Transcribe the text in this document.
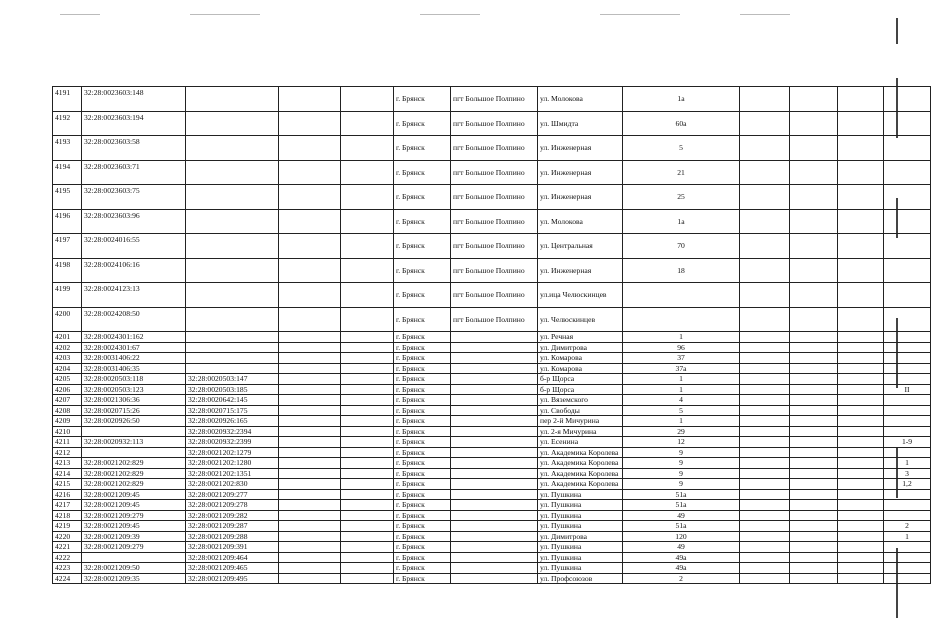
4191	32:28:0023603:148				г. Брянск	пгт Большое Полпино	ул. Молокова	1а				
4192	32:28:0023603:194				г. Брянск	пгт Большое Полпино	ул. Шмидта	60а				
4193	32:28:0023603:58				г. Брянск	пгт Большое Полпино	ул. Инженерная	5				
4194	32:28:0023603:71				г. Брянск	пгт Большое Полпино	ул. Инженерная	21				
4195	32:28:0023603:75				г. Брянск	пгт Большое Полпино	ул. Инженерная	25				
4196	32:28:0023603:96				г. Брянск	пгт Большое Полпино	ул. Молокова	1а				
4197	32:28:0024016:55				г. Брянск	пгт Большое Полпино	ул. Центральная	70				
4198	32:28:0024106:16				г. Брянск	пгт Большое Полпино	ул. Инженерная	18				
4199	32:28:0024123:13				г. Брянск	пгт Большое Полпино	ул.ица Челюскинцев					
4200	32:28:0024208:50				г. Брянск	пгт Большое Полпино	ул. Челюскинцев					
4201	32:28:0024301:162				г. Брянск		ул. Речная	1				
4202	32:28:0024301:67				г. Брянск		ул. Димитрова	96				
4203	32:28:0031406:22				г. Брянск		ул. Комарова	37				
4204	32:28:0031406:35				г. Брянск		ул. Комарова	37а				
4205	32:28:0020503:118	32:28:0020503:147			г. Брянск		б-р Щорса	1				
4206	32:28:0020503:123	32:28:0020503:185			г. Брянск		б-р Щорса	1				II
4207	32:28:0021306:36	32:28:0020642:145			г. Брянск		ул. Вяземского	4				
4208	32:28:0020715:26	32:28:0020715:175			г. Брянск		ул. Свободы	5				
4209	32:28:0020926:50	32:28:0020926:165			г. Брянск		пер 2-й Мичурина	1				
4210		32:28:0020932:2394			г. Брянск		ул. 2-я Мичурина	29				
4211	32:28:0020932:113	32:28:0020932:2399			г. Брянск		ул. Есенина	12				1-9
4212		32:28:0021202:1279			г. Брянск		ул. Академика Королева	9				
4213	32:28:0021202:829	32:28:0021202:1280			г. Брянск		ул. Академика Королева	9				1
4214	32:28:0021202:829	32:28:0021202:1351			г. Брянск		ул. Академика Королева	9				3
4215	32:28:0021202:829	32:28:0021202:830			г. Брянск		ул. Академика Королева	9				1,2
4216	32:28:0021209:45	32:28:0021209:277			г. Брянск		ул. Пушкина	51а				
4217	32:28:0021209:45	32:28:0021209:278			г. Брянск		ул. Пушкина	51а				
4218	32:28:0021209:279	32:28:0021209:282			г. Брянск		ул. Пушкина	49				
4219	32:28:0021209:45	32:28:0021209:287			г. Брянск		ул. Пушкина	51а				2
4220	32:28:0021209:39	32:28:0021209:288			г. Брянск		ул. Димитрова	120				1
4221	32:28:0021209:279	32:28:0021209:391			г. Брянск		ул. Пушкина	49				
4222		32:28:0021209:464			г. Брянск		ул. Пушкина	49а				
4223	32:28:0021209:50	32:28:0021209:465			г. Брянск		ул. Пушкина	49а				
4224	32:28:0021209:35	32:28:0021209:495			г. Брянск		ул. Профсоюзов	2				
